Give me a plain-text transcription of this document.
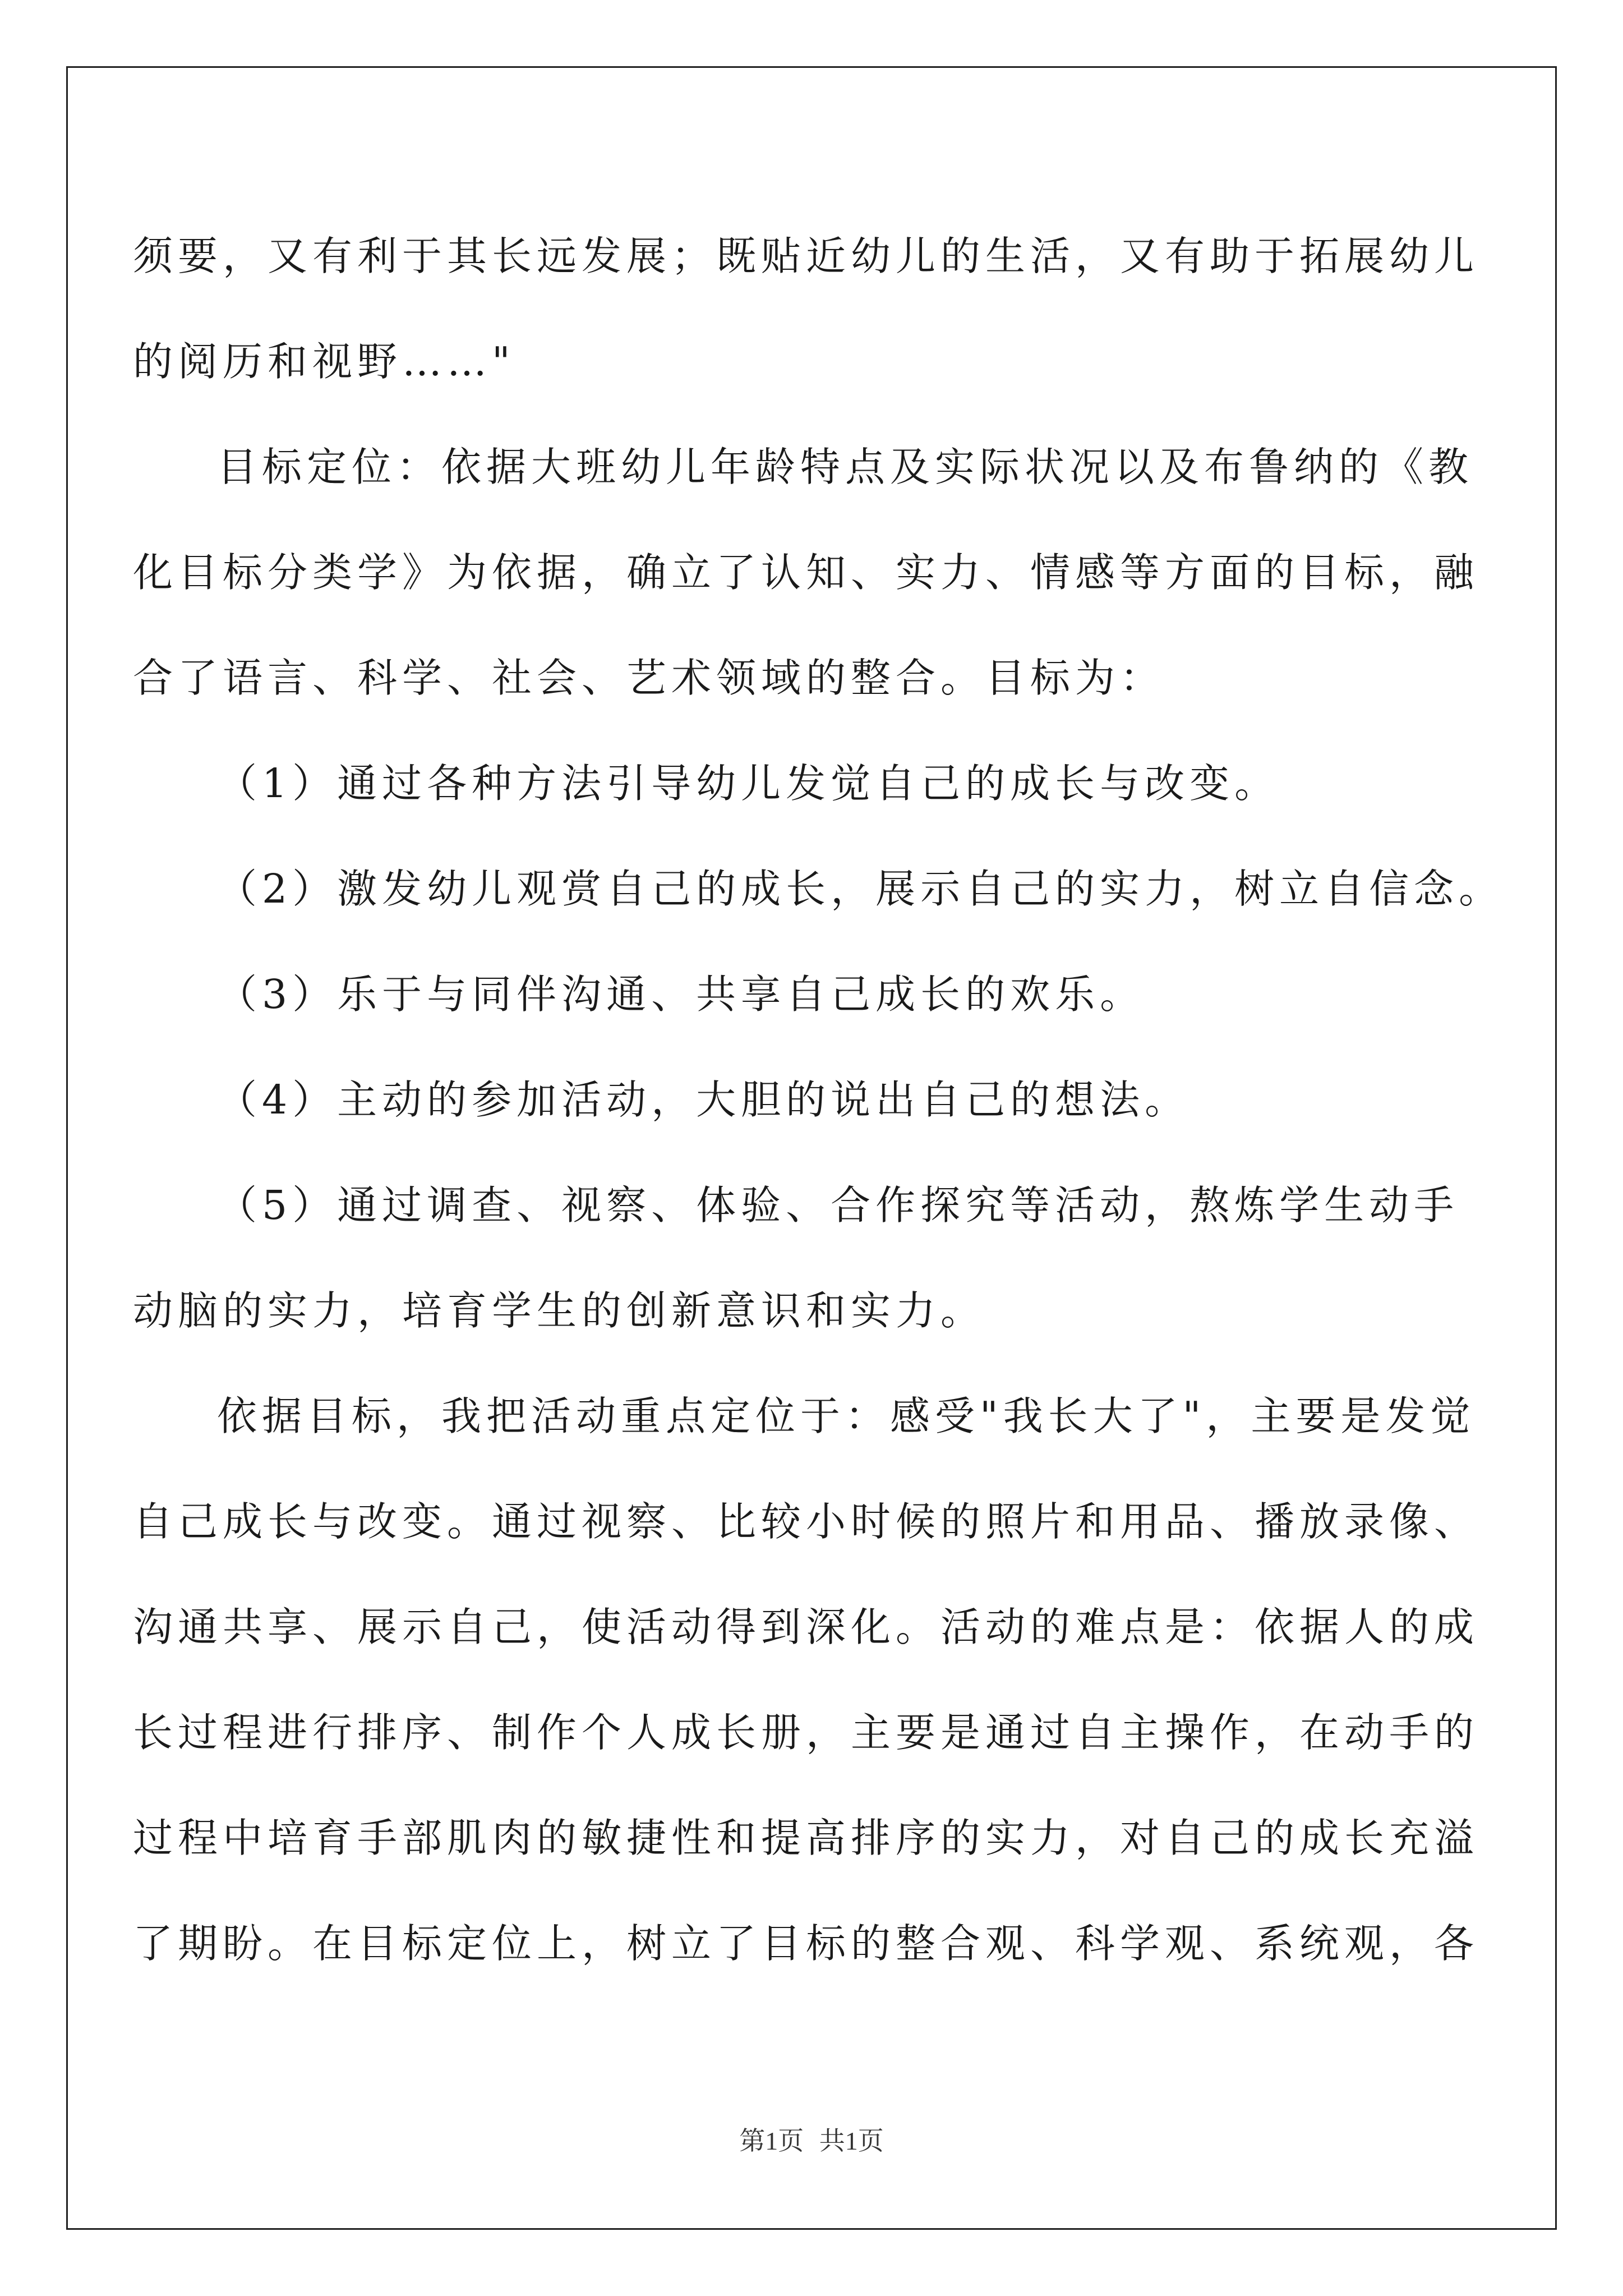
须要，又有利于其长远发展；既贴近幼儿的生活，又有助于拓展幼儿
的阅历和视野……"
目标定位：依据大班幼儿年龄特点及实际状况以及布鲁纳的《教
化目标分类学》为依据，确立了认知、实力、情感等方面的目标，融
合了语言、科学、社会、艺术领域的整合。目标为：
（1）通过各种方法引导幼儿发觉自己的成长与改变。
（2）激发幼儿观赏自己的成长，展示自己的实力，树立自信念。
（3）乐于与同伴沟通、共享自己成长的欢乐。
（4）主动的参加活动，大胆的说出自己的想法。
（5）通过调查、视察、体验、合作探究等活动，熬炼学生动手
动脑的实力，培育学生的创新意识和实力。
依据目标，我把活动重点定位于：感受"我长大了"，主要是发觉
自己成长与改变。通过视察、比较小时候的照片和用品、播放录像、
沟通共享、展示自己，使活动得到深化。活动的难点是：依据人的成
长过程进行排序、制作个人成长册，主要是通过自主操作，在动手的
过程中培育手部肌肉的敏捷性和提高排序的实力，对自己的成长充溢
了期盼。在目标定位上，树立了目标的整合观、科学观、系统观，各
第1页 共1页
